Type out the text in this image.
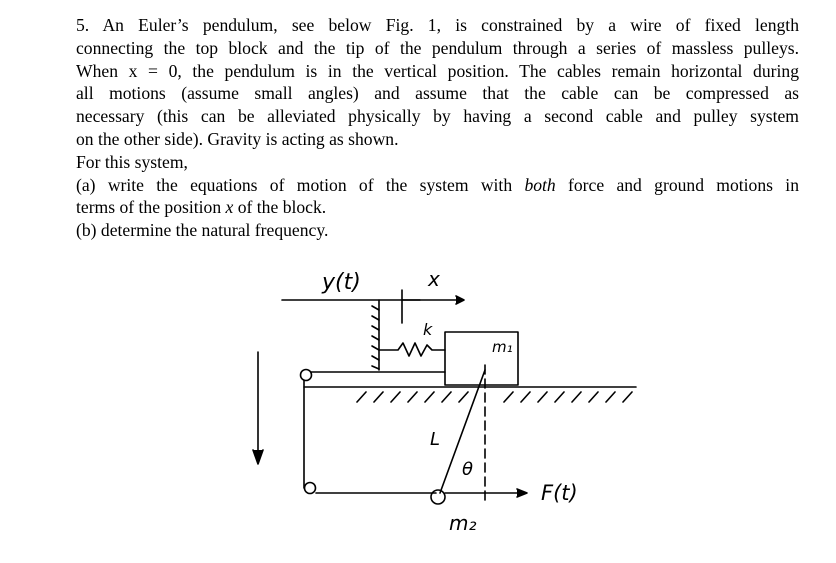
5. An Euler’s pendulum, see below Fig. 1, is constrained by a wire of fixed length
connecting the top block and the tip of the pendulum through a series of massless pulleys.
When x = 0, the pendulum is in the vertical position. The cables remain horizontal during
all motions (assume small angles) and assume that the cable can be compressed as
necessary (this can be alleviated physically by having a second cable and pulley system
on the other side). Gravity is acting as shown.
For this system,
(a) write the equations of motion of the system with both force and ground motions in
terms of the position x of the block.
(b) determine the natural frequency.
y(t)	x
k
m₁
L
θ
m₂
F(t)
